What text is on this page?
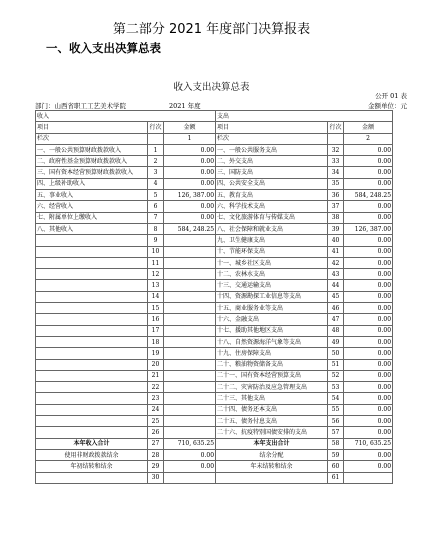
第二部分 2021 年度部门决算报表
一、收入支出决算总表
收入支出决算总表
公开 01 表
部门：山西省职工工艺美术学院	2021 年度	金额单位：元
收入			支出		
项目	行次	金额	项目	行次	金额
栏次		1	栏次		2
一、一般公共预算财政拨款收入	1	0.00	一、一般公共服务支出	32	0.00
二、政府性基金预算财政拨款收入	2	0.00	二、外交支出	33	0.00
三、国有资本经营预算财政拨款收入	3	0.00	三、国防支出	34	0.00
四、上级补助收入	4	0.00	四、公共安全支出	35	0.00
五、事业收入	5	126, 387.00	五、教育支出	36	584, 248.25
六、经营收入	6	0.00	六、科学技术支出	37	0.00
七、附属单位上缴收入	7	0.00	七、文化旅游体育与传媒支出	38	0.00
八、其他收入	8	584, 248.25	八、社会保障和就业支出	39	126, 387.00
	9		九、卫生健康支出	40	0.00
	10		十、节能环保支出	41	0.00
	11		十一、城乡社区支出	42	0.00
	12		十二、农林水支出	43	0.00
	13		十三、交通运输支出	44	0.00
	14		十四、资源勘探工业信息等支出	45	0.00
	15		十五、商业服务业等支出	46	0.00
	16		十六、金融支出	47	0.00
	17		十七、援助其他地区支出	48	0.00
	18		十八、自然资源海洋气象等支出	49	0.00
	19		十九、住房保障支出	50	0.00
	20		二十、粮油物资储备支出	51	0.00
	21		二十一、国有资本经营预算支出	52	0.00
	22		二十二、灾害防治及应急管理支出	53	0.00
	23		二十三、其他支出	54	0.00
	24		二十四、债务还本支出	55	0.00
	25		二十五、债务付息支出	56	0.00
	26		二十六、抗疫特别国债安排的支出	57	0.00
本年收入合计	27	710, 635.25	本年支出合计	58	710, 635.25
使用非财政拨款结余	28	0.00	结余分配	59	0.00
年初结转和结余	29	0.00	年末结转和结余	60	0.00
	30			61	
